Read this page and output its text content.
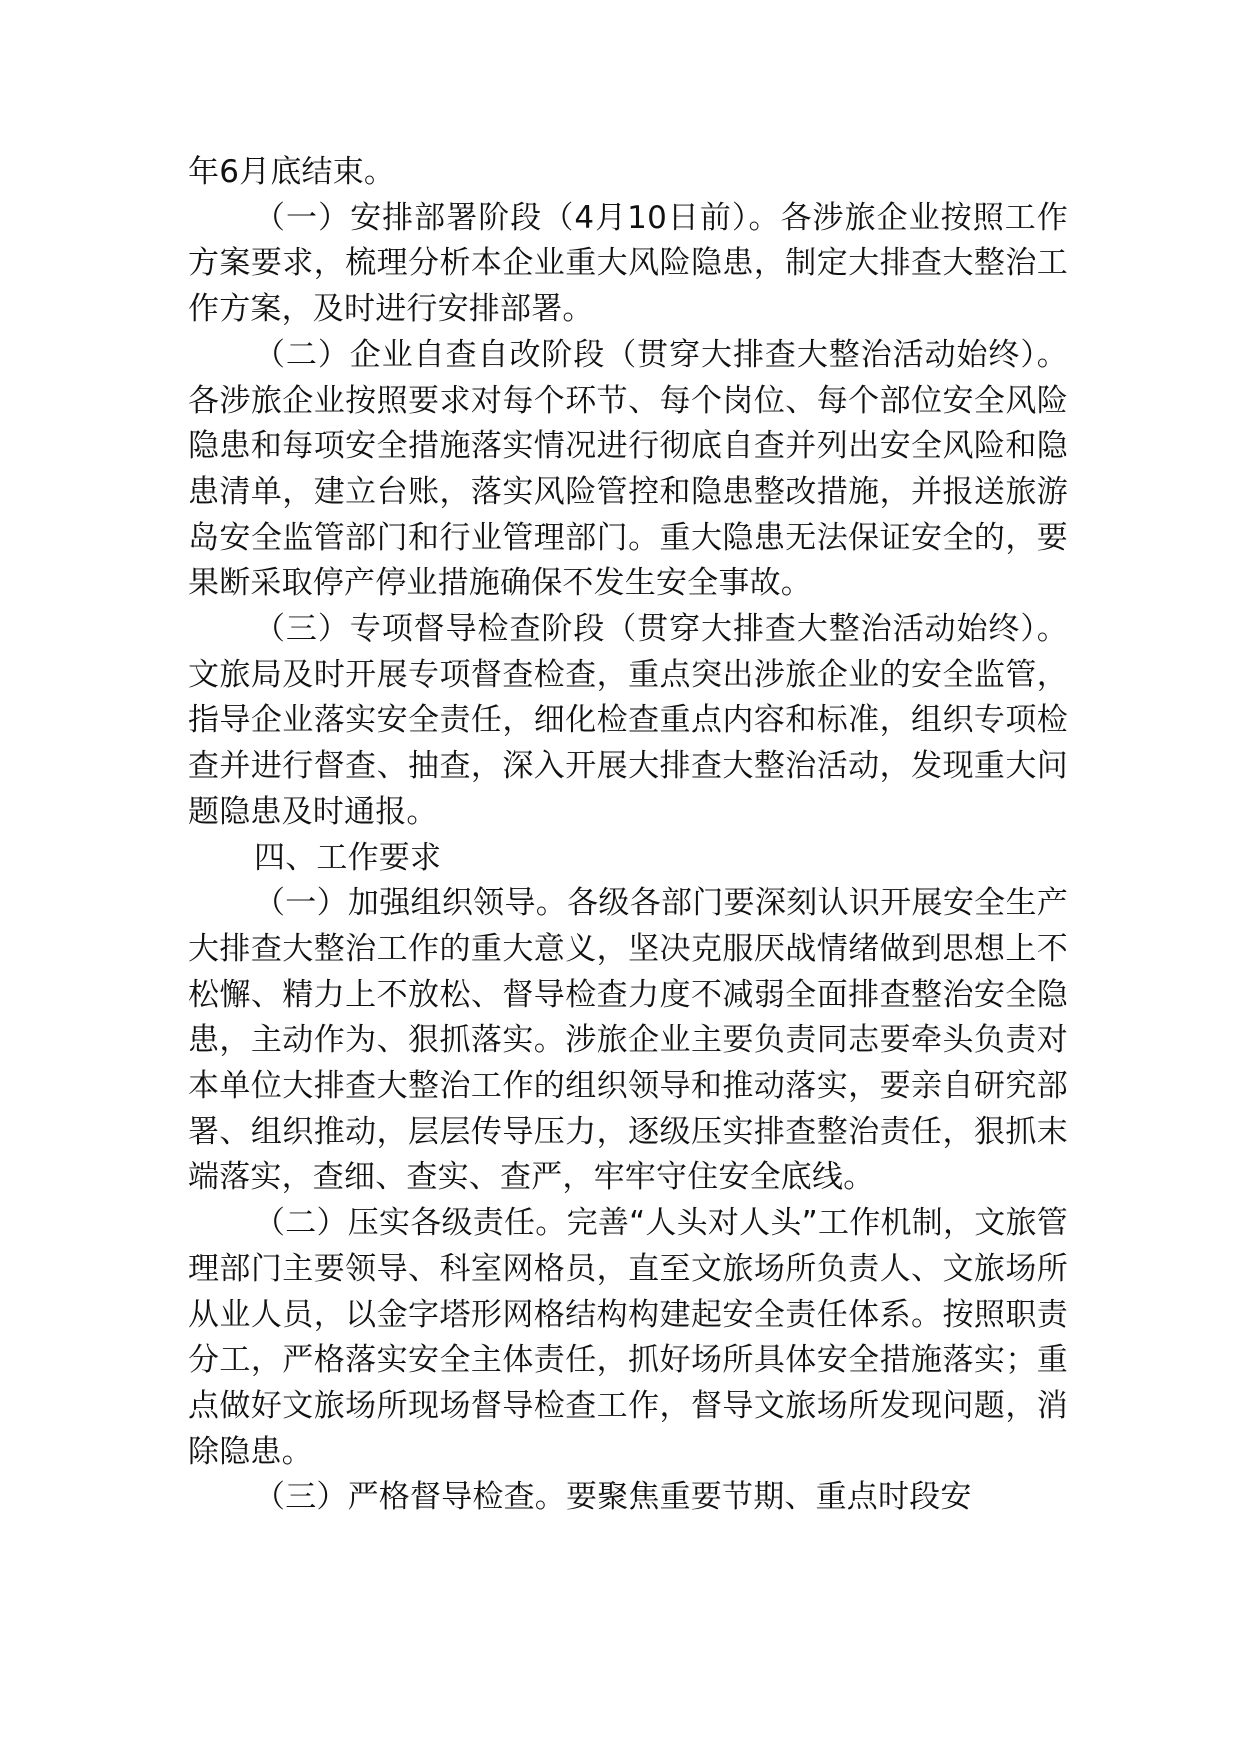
年6月底结束。

（一）安排部署阶段（4月10日前）。各涉旅企业按照工作方案要求，梳理分析本企业重大风险隐患，制定大排查大整治工作方案，及时进行安排部署。

（二）企业自查自改阶段（贯穿大排查大整治活动始终）。各涉旅企业按照要求对每个环节、每个岗位、每个部位安全风险隐患和每项安全措施落实情况进行彻底自查并列出安全风险和隐患清单，建立台账，落实风险管控和隐患整改措施，并报送旅游岛安全监管部门和行业管理部门。重大隐患无法保证安全的，要果断采取停产停业措施确保不发生安全事故。

（三）专项督导检查阶段（贯穿大排查大整治活动始终）。文旅局及时开展专项督查检查，重点突出涉旅企业的安全监管，指导企业落实安全责任，细化检查重点内容和标准，组织专项检查并进行督查、抽查，深入开展大排查大整治活动，发现重大问题隐患及时通报。

四、工作要求

（一）加强组织领导。各级各部门要深刻认识开展安全生产大排查大整治工作的重大意义，坚决克服厌战情绪做到思想上不松懈、精力上不放松、督导检查力度不减弱全面排查整治安全隐患，主动作为、狠抓落实。涉旅企业主要负责同志要牵头负责对本单位大排查大整治工作的组织领导和推动落实，要亲自研究部署、组织推动，层层传导压力，逐级压实排查整治责任，狠抓末端落实，查细、查实、查严，牢牢守住安全底线。

（二）压实各级责任。完善“人头对人头”工作机制，文旅管理部门主要领导、科室网格员，直至文旅场所负责人、文旅场所从业人员，以金字塔形网格结构构建起安全责任体系。按照职责分工，严格落实安全主体责任，抓好场所具体安全措施落实；重点做好文旅场所现场督导检查工作，督导文旅场所发现问题，消除隐患。

（三）严格督导检查。要聚焦重要节期、重点时段安
